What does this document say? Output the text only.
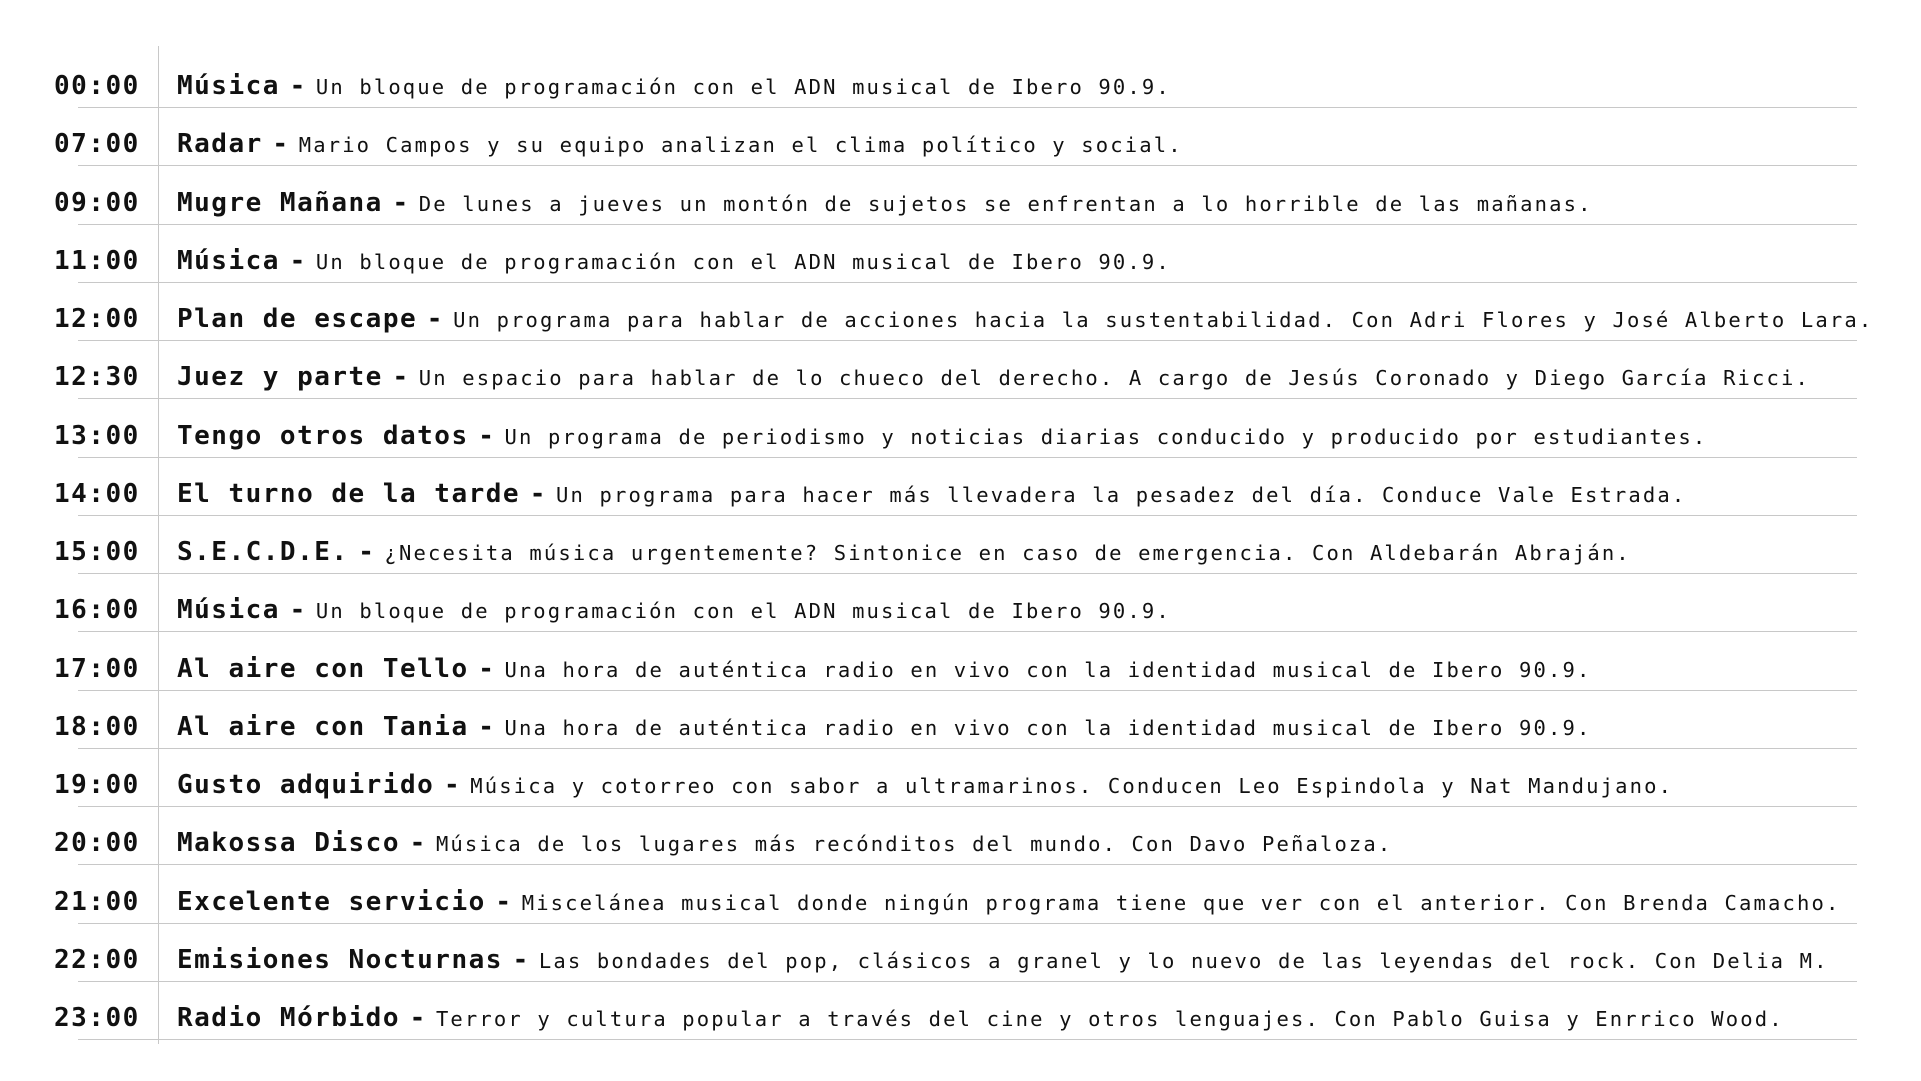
00:00 Música - Un bloque de programación con el ADN musical de Ibero 90.9.
07:00 Radar - Mario Campos y su equipo analizan el clima político y social.
09:00 Mugre Mañana - De lunes a jueves un montón de sujetos se enfrentan a lo horrible de las mañanas.
11:00 Música - Un bloque de programación con el ADN musical de Ibero 90.9.
12:00 Plan de escape - Un programa para hablar de acciones hacia la sustentabilidad. Con Adri Flores y José Alberto Lara.
12:30 Juez y parte - Un espacio para hablar de lo chueco del derecho. A cargo de Jesús Coronado y Diego García Ricci.
13:00 Tengo otros datos - Un programa de periodismo y noticias diarias conducido y producido por estudiantes.
14:00 El turno de la tarde - Un programa para hacer más llevadera la pesadez del día. Conduce Vale Estrada.
15:00 S.E.C.D.E. - ¿Necesita música urgentemente? Sintonice en caso de emergencia. Con Aldebarán Abraján.
16:00 Música - Un bloque de programación con el ADN musical de Ibero 90.9.
17:00 Al aire con Tello - Una hora de auténtica radio en vivo con la identidad musical de Ibero 90.9.
18:00 Al aire con Tania - Una hora de auténtica radio en vivo con la identidad musical de Ibero 90.9.
19:00 Gusto adquirido - Música y cotorreo con sabor a ultramarinos. Conducen Leo Espindola y Nat Mandujano.
20:00 Makossa Disco - Música de los lugares más recónditos del mundo. Con Davo Peñaloza.
21:00 Excelente servicio - Miscelánea musical donde ningún programa tiene que ver con el anterior. Con Brenda Camacho.
22:00 Emisiones Nocturnas - Las bondades del pop, clásicos a granel y lo nuevo de las leyendas del rock. Con Delia M.
23:00 Radio Mórbido - Terror y cultura popular a través del cine y otros lenguajes. Con Pablo Guisa y Enrrico Wood.
